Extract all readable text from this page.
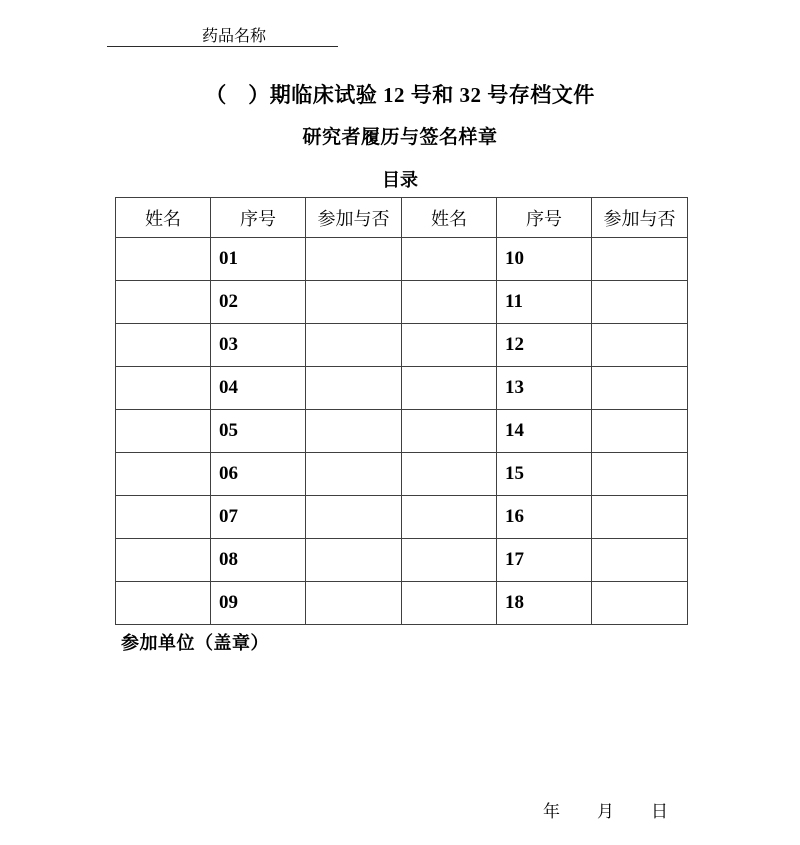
药品名称
（　）期临床试验 12 号和 32 号存档文件
研究者履历与签名样章
目录
姓名	序号	参加与否	姓名	序号	参加与否
	01			10	
	02			11	
	03			12	
	04			13	
	05			14	
	06			15	
	07			16	
	08			17	
	09			18	
参加单位（盖章）
年 月 日
